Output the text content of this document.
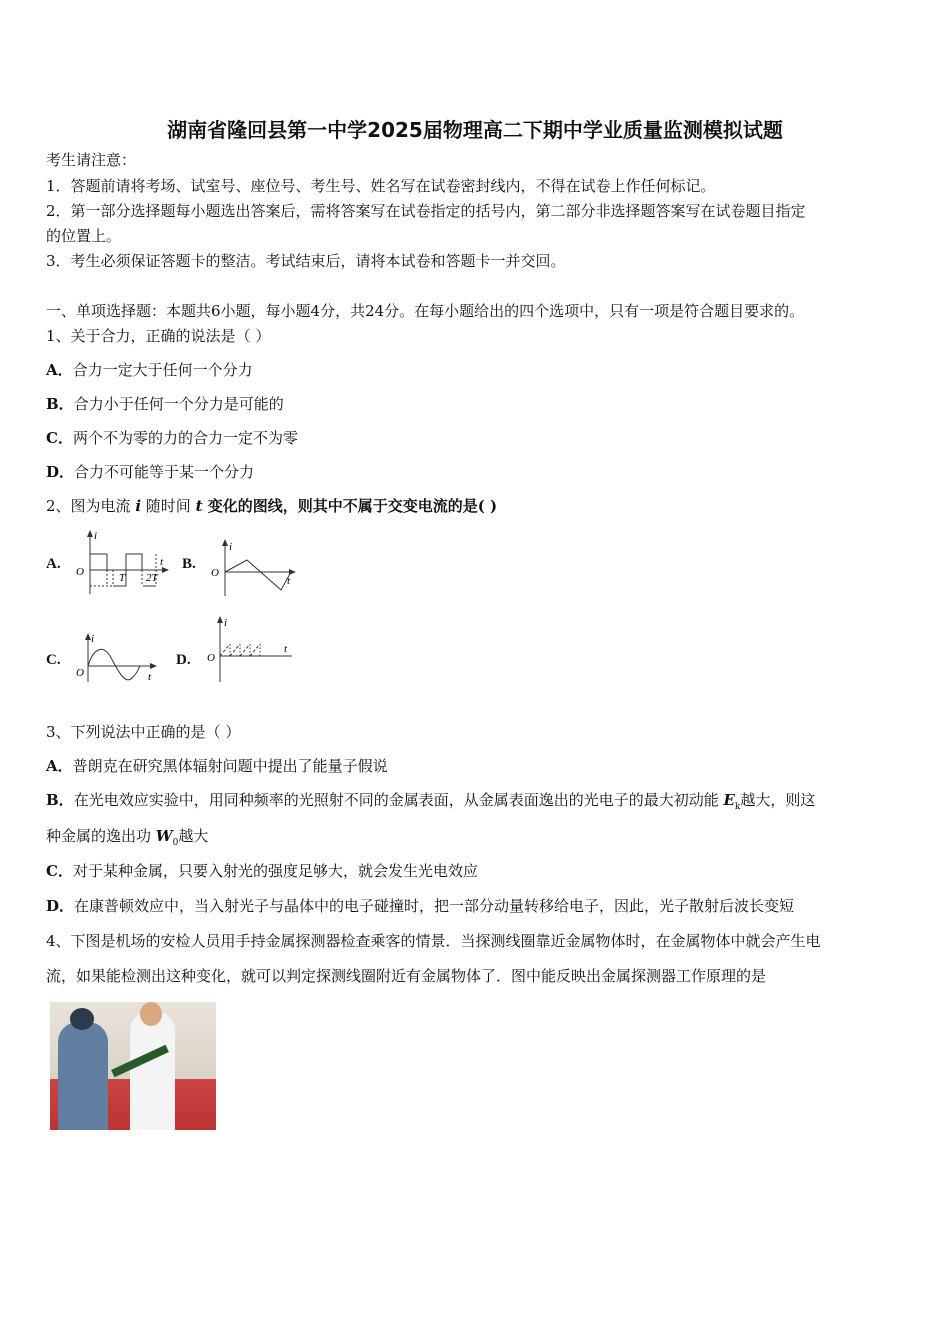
湖南省隆回县第一中学2025届物理高二下期中学业质量监测模拟试题
考生请注意：
1．答题前请将考场、试室号、座位号、考生号、姓名写在试卷密封线内，不得在试卷上作任何标记。
2．第一部分选择题每小题选出答案后，需将答案写在试卷指定的括号内，第二部分非选择题答案写在试卷题目指定
的位置上。
3．考生必须保证答题卡的整洁。考试结束后，请将本试卷和答题卡一并交回。
一、单项选择题：本题共6小题，每小题4分，共24分。在每小题给出的四个选项中，只有一项是符合题目要求的。
1、关于合力，正确的说法是（ ）
A．合力一定大于任何一个分力
B．合力小于任何一个分力是可能的
C．两个不为零的力的合力一定不为零
D．合力不可能等于某一个分力
2、图为电流 i 随时间 t 变化的图线，则其中不属于交变电流的是( )
A. O
i
t
T 2T
B.
O
i
t
C.
O
i
t
D. O
i
t
3、下列说法中正确的是（ ）
A．普朗克在研究黑体辐射问题中提出了能量子假说
B．在光电效应实验中，用同种频率的光照射不同的金属表面，从金属表面逸出的光电子的最大初动能 $E_k$越大，则这
种金属的逸出功 $W_0$越大
C．对于某种金属，只要入射光的强度足够大，就会发生光电效应
D．在康普顿效应中，当入射光子与晶体中的电子碰撞时，把一部分动量转移给电子，因此，光子散射后波长变短
4、下图是机场的安检人员用手持金属探测器检查乘客的情景．当探测线圈靠近金属物体时，在金属物体中就会产生电
流，如果能检测出这种变化，就可以判定探测线圈附近有金属物体了．图中能反映出金属探测器工作原理的是
